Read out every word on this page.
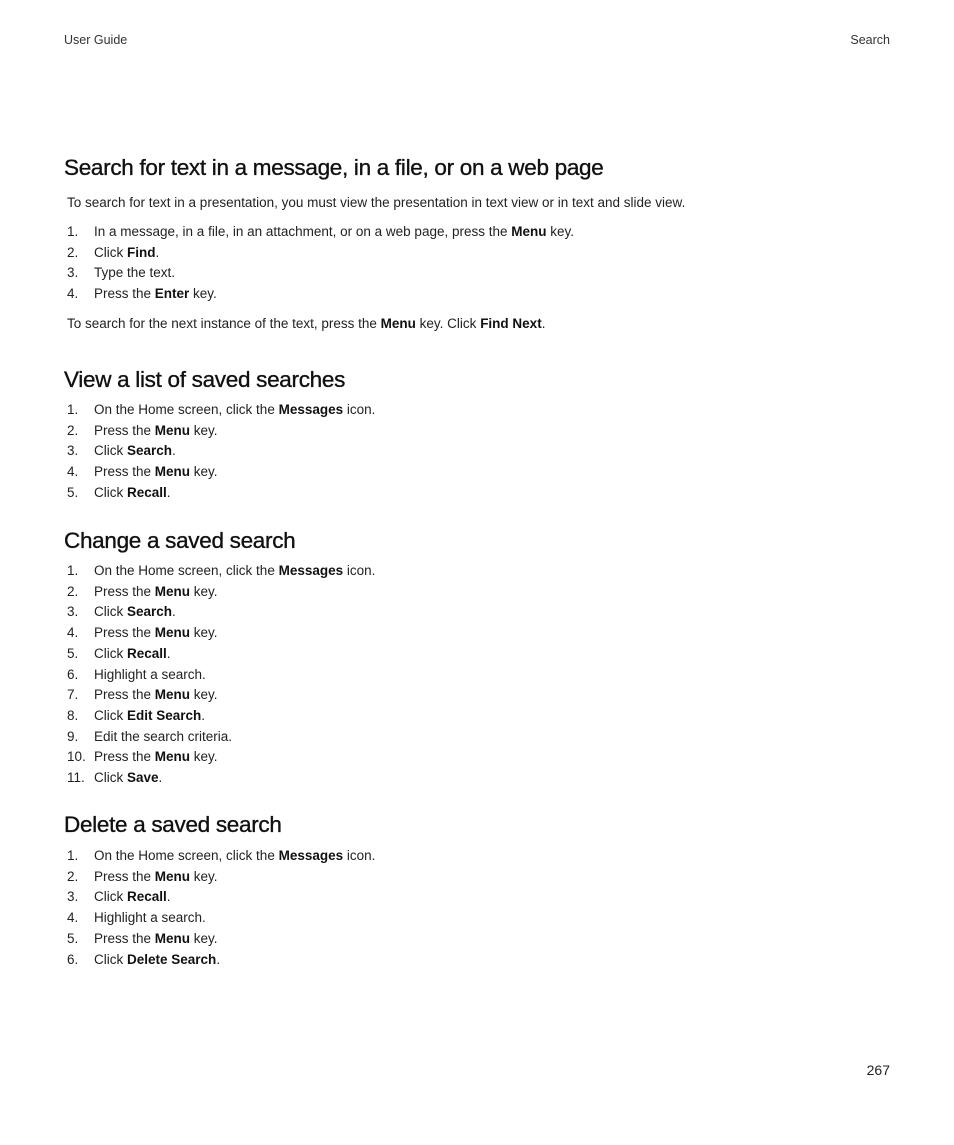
User Guide	Search
Search for text in a message, in a file, or on a web page

To search for text in a presentation, you must view the presentation in text view or in text and slide view.

1. In a message, in a file, in an attachment, or on a web page, press the Menu key.
2. Click Find.
3. Type the text.
4. Press the Enter key.

To search for the next instance of the text, press the Menu key. Click Find Next.

View a list of saved searches
1. On the Home screen, click the Messages icon.
2. Press the Menu key.
3. Click Search.
4. Press the Menu key.
5. Click Recall.
Change a saved search
1. On the Home screen, click the Messages icon.
2. Press the Menu key.
3. Click Search.
4. Press the Menu key.
5. Click Recall.
6. Highlight a search.
7. Press the Menu key.
8. Click Edit Search.
9. Edit the search criteria.
10. Press the Menu key.
11. Click Save.
Delete a saved search
1. On the Home screen, click the Messages icon.
2. Press the Menu key.
3. Click Recall.
4. Highlight a search.
5. Press the Menu key.
6. Click Delete Search.
267
